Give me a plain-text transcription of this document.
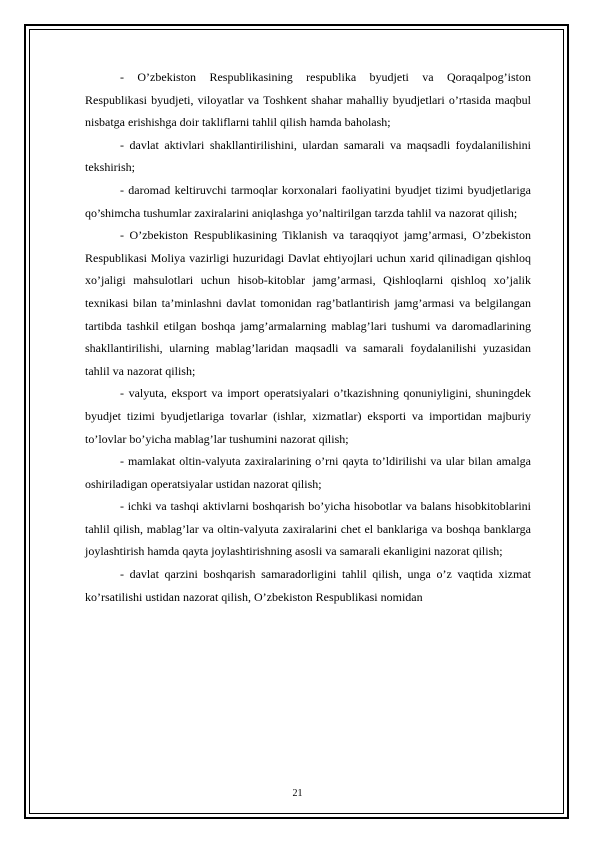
- O’zbekiston Respublikasining respublika byudjeti va Qoraqalpog’iston Respublikasi byudjeti, viloyatlar va Toshkent shahar mahalliy byudjetlari o’rtasida maqbul nisbatga erishishga doir takliflarni tahlil qilish hamda baholash;

- davlat aktivlari shakllantirilishini, ulardan samarali va maqsadli foydalanilishini tekshirish;

- daromad keltiruvchi tarmoqlar korxonalari faoliyatini byudjet tizimi byudjetlariga qo’shimcha tushumlar zaxiralarini aniqlashga yo’naltirilgan tarzda tahlil va nazorat qilish;

- O’zbekiston Respublikasining Tiklanish va taraqqiyot jamg’armasi, O’zbekiston Respublikasi Moliya vazirligi huzuridagi Davlat ehtiyojlari uchun xarid qilinadigan qishloq xo’jaligi mahsulotlari uchun hisob-kitoblar jamg’armasi, Qishloqlarni qishloq xo’jalik texnikasi bilan ta’minlashni davlat tomonidan rag’batlantirish jamg’armasi va belgilangan tartibda tashkil etilgan boshqa jamg’armalarning mablag’lari tushumi va daromadlarining shakllantirilishi, ularning mablag’laridan maqsadli va samarali foydalanilishi yuzasidan tahlil va nazorat qilish;

- valyuta, eksport va import operatsiyalari o’tkazishning qonuniyligini, shuningdek byudjet tizimi byudjetlariga tovarlar (ishlar, xizmatlar) eksporti va importidan majburiy to’lovlar bo’yicha mablag’lar tushumini nazorat qilish;

- mamlakat oltin-valyuta zaxiralarining o’rni qayta to’ldirilishi va ular bilan amalga oshiriladigan operatsiyalar ustidan nazorat qilish;

- ichki va tashqi aktivlarni boshqarish bo’yicha hisobotlar va balans hisobkitoblarini tahlil qilish, mablag’lar va oltin-valyuta zaxiralarini chet el banklariga va boshqa banklarga joylashtirish hamda qayta joylashtirishning asosli va samarali ekanligini nazorat qilish;

- davlat qarzini boshqarish samaradorligini tahlil qilish, unga o’z vaqtida xizmat ko’rsatilishi ustidan nazorat qilish, O’zbekiston Respublikasi nomidan

21
